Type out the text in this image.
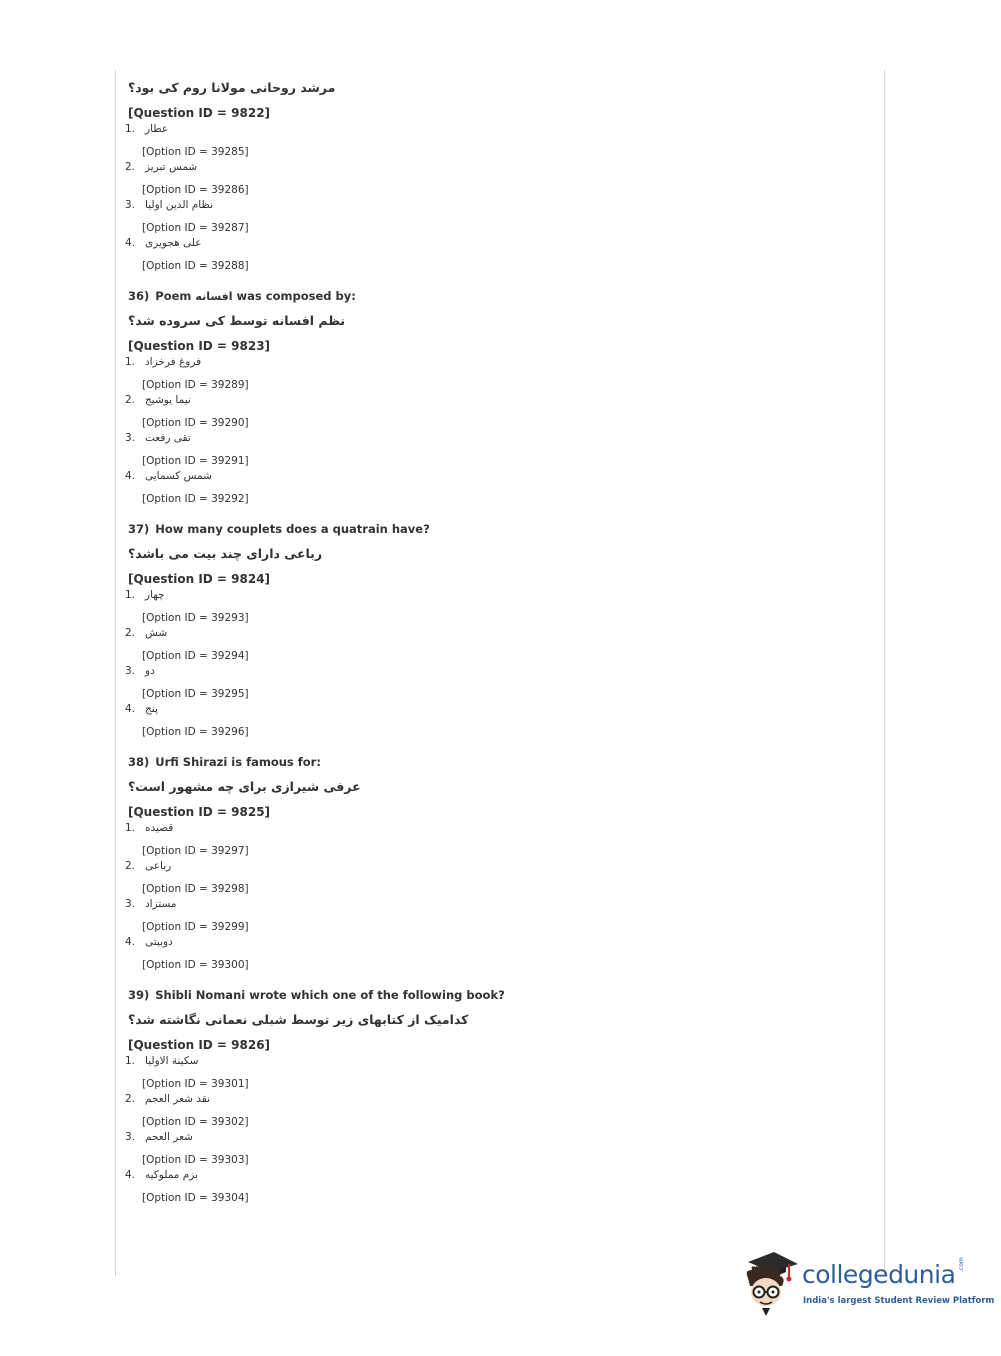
مرشد روحانی مولانا روم کی بود؟
[Question ID = 9822]
1. عطار
[Option ID = 39285]
2. شمس تبریز
[Option ID = 39286]
3. نظام الدین اولیا
[Option ID = 39287]
4. علی هجویری
[Option ID = 39288]
36) Poem افسانه was composed by:
نظم افسانه توسط کی سروده شد؟
[Question ID = 9823]
1. فروغ فرخزاد
[Option ID = 39289]
2. نیما یوشیج
[Option ID = 39290]
3. تقی رفعت
[Option ID = 39291]
4. شمس کسمایی
[Option ID = 39292]
37) How many couplets does a quatrain have?
رباعی دارای چند بیت می باشد؟
[Question ID = 9824]
1. چهار
[Option ID = 39293]
2. شش
[Option ID = 39294]
3. دو
[Option ID = 39295]
4. پنج
[Option ID = 39296]
38) Urfi Shirazi is famous for:
عرفی شیرازی برای چه مشهور است؟
[Question ID = 9825]
1. قصیده
[Option ID = 39297]
2. رباعی
[Option ID = 39298]
3. مستزاد
[Option ID = 39299]
4. دوبیتی
[Option ID = 39300]
39) Shibli Nomani wrote which one of the following book?
کدامیک از کتابهای زیر توسط شبلی نعمانی نگاشته شد؟
[Question ID = 9826]
1. سکینة الاولیا
[Option ID = 39301]
2. نقد شعر العجم
[Option ID = 39302]
3. شعر العجم
[Option ID = 39303]
4. بزم مملوکیه
[Option ID = 39304]
collegedunia .com
India's largest Student Review Platform
